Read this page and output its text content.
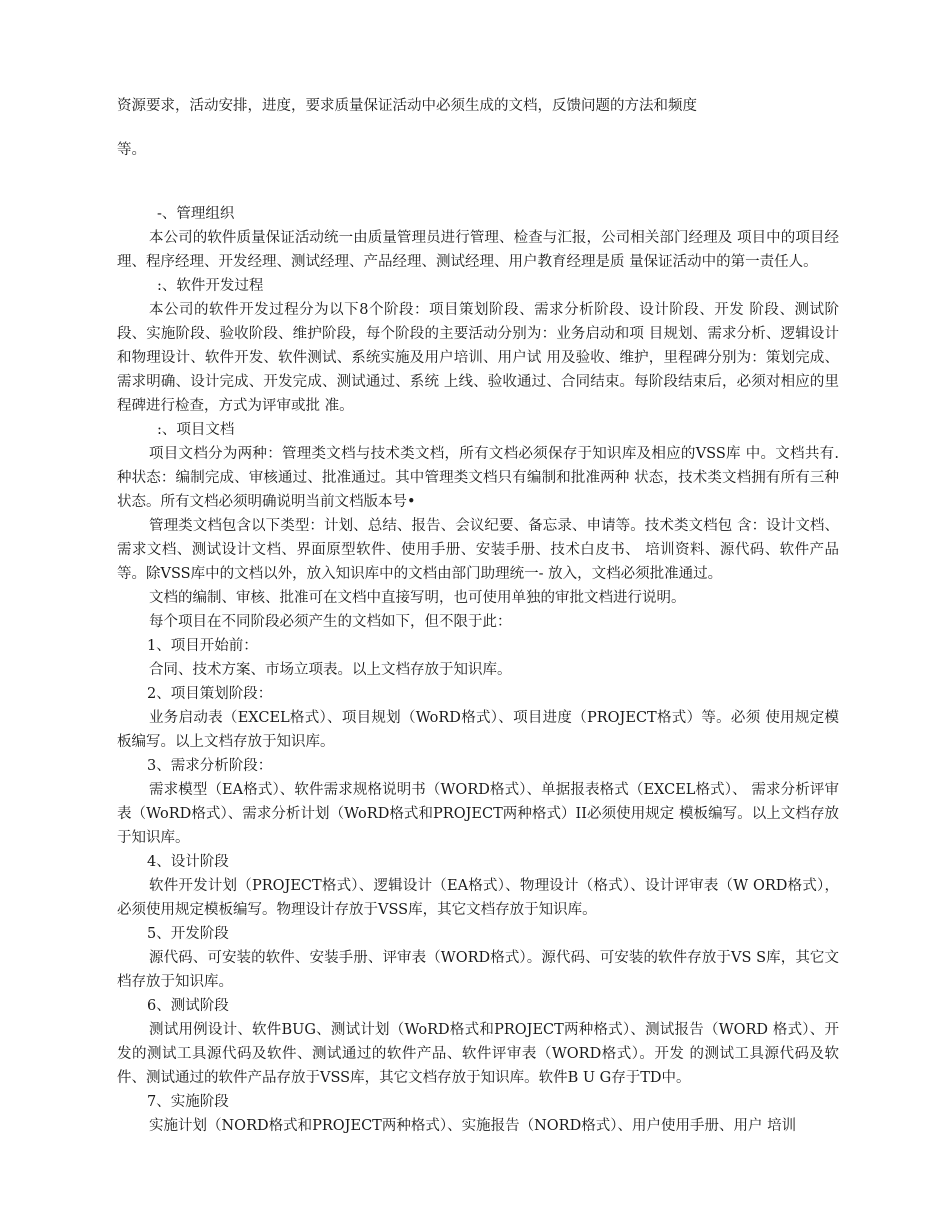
资源要求，活动安排，进度，要求质量保证活动中必须生成的文档，反馈问题的方法和频度

等。

-、管理组织

本公司的软件质量保证活动统一由质量管理员进行管理、检查与汇报，公司相关部门经理及 项目中的项目经理、程序经理、开发经理、测试经理、产品经理、测试经理、用户教育经理是质 量保证活动中的第一责任人。

:、软件开发过程

本公司的软件开发过程分为以下8个阶段：项目策划阶段、需求分析阶段、设计阶段、开发 阶段、测试阶段、实施阶段、验收阶段、维护阶段，每个阶段的主要活动分别为：业务启动和项 目规划、需求分析、逻辑设计和物理设计、软件开发、软件测试、系统实施及用户培训、用户试 用及验收、维护，里程碑分别为：策划完成、需求明确、设计完成、开发完成、测试通过、系统 上线、验收通过、合同结束。每阶段结束后，必须对相应的里程碑进行检查，方式为评审或批 准。

:、项目文档

项目文档分为两种：管理类文档与技术类文档，所有文档必须保存于知识库及相应的VSS库 中。文档共有.种状态：编制完成、审核通过、批准通过。其中管理类文档只有编制和批准两种 状态，技术类文档拥有所有三种状态。所有文档必须明确说明当前文档版本号•

管理类文档包含以下类型：计划、总结、报告、会议纪要、备忘录、申请等。技术类文档包 含：设计文档、需求文档、测试设计文档、界面原型软件、使用手册、安装手册、技术白皮书、 培训资料、源代码、软件产品等。除VSS库中的文档以外，放入知识库中的文档由部门助理统一- 放入，文档必须批准通过。

文档的编制、审核、批准可在文档中直接写明，也可使用单独的审批文档进行说明。

每个项目在不同阶段必须产生的文档如下，但不限于此：

1、项目开始前：

合同、技术方案、市场立项表。以上文档存放于知识库。

2、项目策划阶段：

业务启动表（EXCEL格式）、项目规划（WoRD格式）、项目进度（PROJECT格式）等。必须 使用规定模板编写。以上文档存放于知识库。

3、需求分析阶段：

需求模型（EA格式）、软件需求规格说明书（WORD格式）、单据报表格式（EXCEL格式）、 需求分析评审表（WoRD格式）、需求分析计划（WoRD格式和PROJECT两种格式）II必须使用规定 模板编写。以上文档存放于知识库。

4、设计阶段

软件开发计划（PROJECT格式）、逻辑设计（EA格式）、物理设计（格式）、设计评审表（W ORD格式），必须使用规定模板编写。物理设计存放于VSS库，其它文档存放于知识库。

5、开发阶段

源代码、可安装的软件、安装手册、评审表（WORD格式）。源代码、可安装的软件存放于VS S库，其它文档存放于知识库。

6、测试阶段

测试用例设计、软件BUG、测试计划（WoRD格式和PROJECT两种格式）、测试报告（WORD 格式）、开发的测试工具源代码及软件、测试通过的软件产品、软件评审表（WORD格式）。开发 的测试工具源代码及软件、测试通过的软件产品存放于VSS库，其它文档存放于知识库。软件B U G存于TD中。

7、实施阶段

实施计划（NORD格式和PROJECT两种格式）、实施报告（NORD格式）、用户使用手册、用户 培训
